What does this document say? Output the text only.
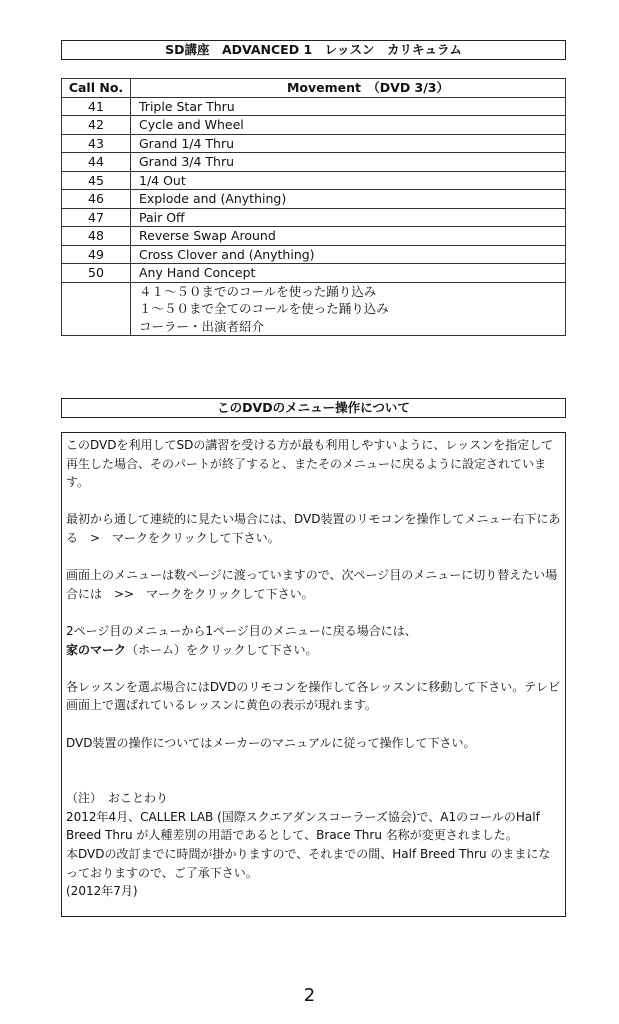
SD講座　ADVANCED 1　レッスン　カリキュラム
Call No.	Movement　（DVD 3/3）
41	Triple Star Thru
42	Cycle and Wheel
43	Grand 1/4 Thru
44	Grand 3/4 Thru
45	1/4 Out
46	Explode and (Anything)
47	Pair Off
48	Reverse Swap Around
49	Cross Clover and (Anything)
50	Any Hand Concept
	４１～５０までのコールを使った踊り込み
	１～５０まで全てのコールを使った踊り込み
	コーラー・出演者紹介
このDVDのメニュー操作について

このDVDを利用してSDの講習を受ける方が最も利用しやすいように、レッスンを指定して再生した場合、そのパートが終了すると、またそのメニューに戻るように設定されています。

最初から通して連続的に見たい場合には、DVD装置のリモコンを操作してメニュー右下にある　>　マークをクリックして下さい。

画面上のメニューは数ページに渡っていますので、次ページ目のメニューに切り替えたい場合には　>>　マークをクリックして下さい。

2ページ目のメニューから1ページ目のメニューに戻る場合には、
家のマーク（ホーム）をクリックして下さい。

各レッスンを選ぶ場合にはDVDのリモコンを操作して各レッスンに移動して下さい。テレビ画面上で選ばれているレッスンに黄色の表示が現れます。

DVD装置の操作についてはメーカーのマニュアルに従って操作して下さい。

（注）　おことわり

2012年4月、CALLER LAB (国際スクエアダンスコーラーズ協会)で、A1のコールのHalf Breed Thru が人種差別の用語であるとして、Brace Thru 名称が変更されました。

本DVDの改訂までに時間が掛かりますので、それまでの間、Half Breed Thru のままになっておりますので、ご了承下さい。

(2012年7月)

2
